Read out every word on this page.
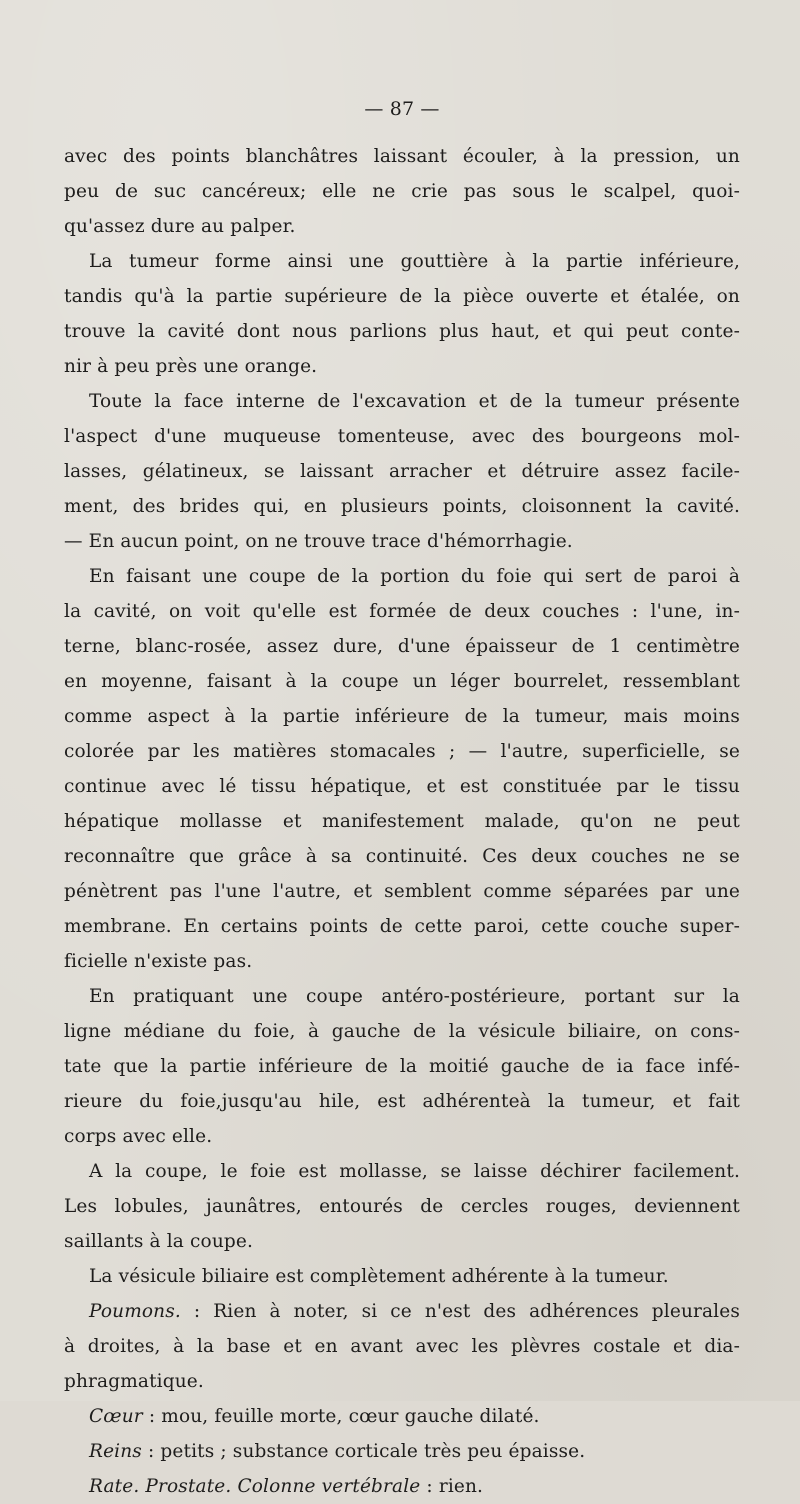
— 87 —

avec des points blanchâtres laissant écouler, à la pression, un
peu de suc cancéreux; elle ne crie pas sous le scalpel, quoi-
qu'assez dure au palper.

La tumeur forme ainsi une gouttière à la partie inférieure,
tandis qu'à la partie supérieure de la pièce ouverte et étalée, on
trouve la cavité dont nous parlions plus haut, et qui peut conte-
nir à peu près une orange.

Toute la face interne de l'excavation et de la tumeur présente
l'aspect d'une muqueuse tomenteuse, avec des bourgeons mol-
lasses, gélatineux, se laissant arracher et détruire assez facile-
ment, des brides qui, en plusieurs points, cloisonnent la cavité.
— En aucun point, on ne trouve trace d'hémorrhagie.

En faisant une coupe de la portion du foie qui sert de paroi à
la cavité, on voit qu'elle est formée de deux couches : l'une, in-
terne, blanc-rosée, assez dure, d'une épaisseur de 1 centimètre
en moyenne, faisant à la coupe un léger bourrelet, ressemblant
comme aspect à la partie inférieure de la tumeur, mais moins
colorée par les matières stomacales ; — l'autre, superficielle, se
continue avec lé tissu hépatique, et est constituée par le tissu
hépatique mollasse et manifestement malade, qu'on ne peut
reconnaître que grâce à sa continuité. Ces deux couches ne se
pénètrent pas l'une l'autre, et semblent comme séparées par une
membrane. En certains points de cette paroi, cette couche super-
ficielle n'existe pas.

En pratiquant une coupe antéro-postérieure, portant sur la
ligne médiane du foie, à gauche de la vésicule biliaire, on cons-
tate que la partie inférieure de la moitié gauche de ia face infé-
rieure du foie,jusqu'au hile, est adhérenteà la tumeur, et fait
corps avec elle.

A la coupe, le foie est mollasse, se laisse déchirer facilement.
Les lobules, jaunâtres, entourés de cercles rouges, deviennent
saillants à la coupe.

La vésicule biliaire est complètement adhérente à la tumeur.

Poumons. : Rien à noter, si ce n'est des adhérences pleurales
à droites, à la base et en avant avec les plèvres costale et dia-
phragmatique.

Cœur : mou, feuille morte, cœur gauche dilaté.

Reins : petits ; substance corticale très peu épaisse.

Rate. Prostate. Colonne vertébrale : rien.
